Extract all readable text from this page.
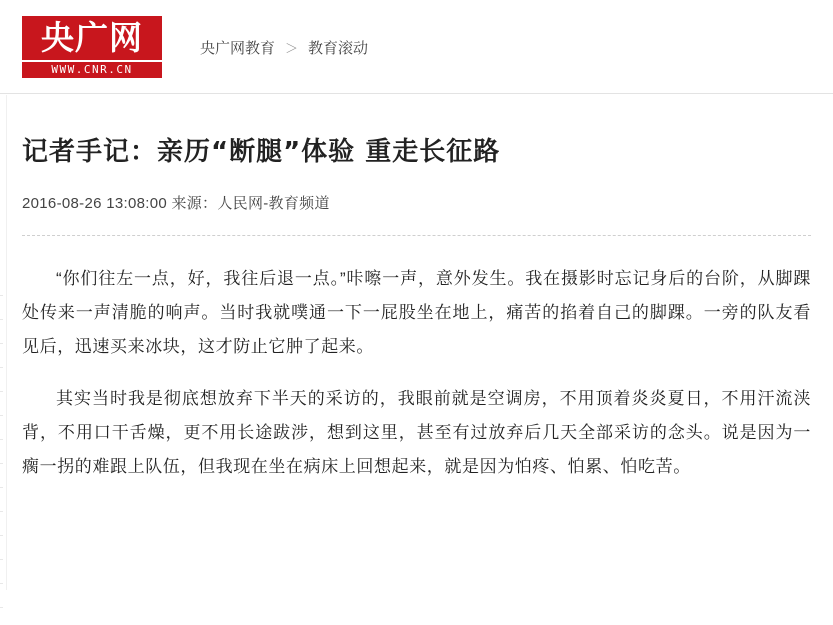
央广网
WWW.CNR.CN
央广网教育 ＞ 教育滚动
记者手记：亲历“断腿”体验 重走长征路
2016-08-26 13:08:00 来源：人民网-教育频道

“你们往左一点，好，我往后退一点。”咔嚓一声，意外发生。我在摄影时忘记身后的台阶，从脚踝处传来一声清脆的响声。当时我就噗通一下一屁股坐在地上，痛苦的掐着自己的脚踝。一旁的队友看见后，迅速买来冰块，这才防止它肿了起来。

其实当时我是彻底想放弃下半天的采访的，我眼前就是空调房，不用顶着炎炎夏日，不用汗流浃背，不用口干舌燥，更不用长途跋涉，想到这里，甚至有过放弃后几天全部采访的念头。说是因为一瘸一拐的难跟上队伍，但我现在坐在病床上回想起来，就是因为怕疼、怕累、怕吃苦。
